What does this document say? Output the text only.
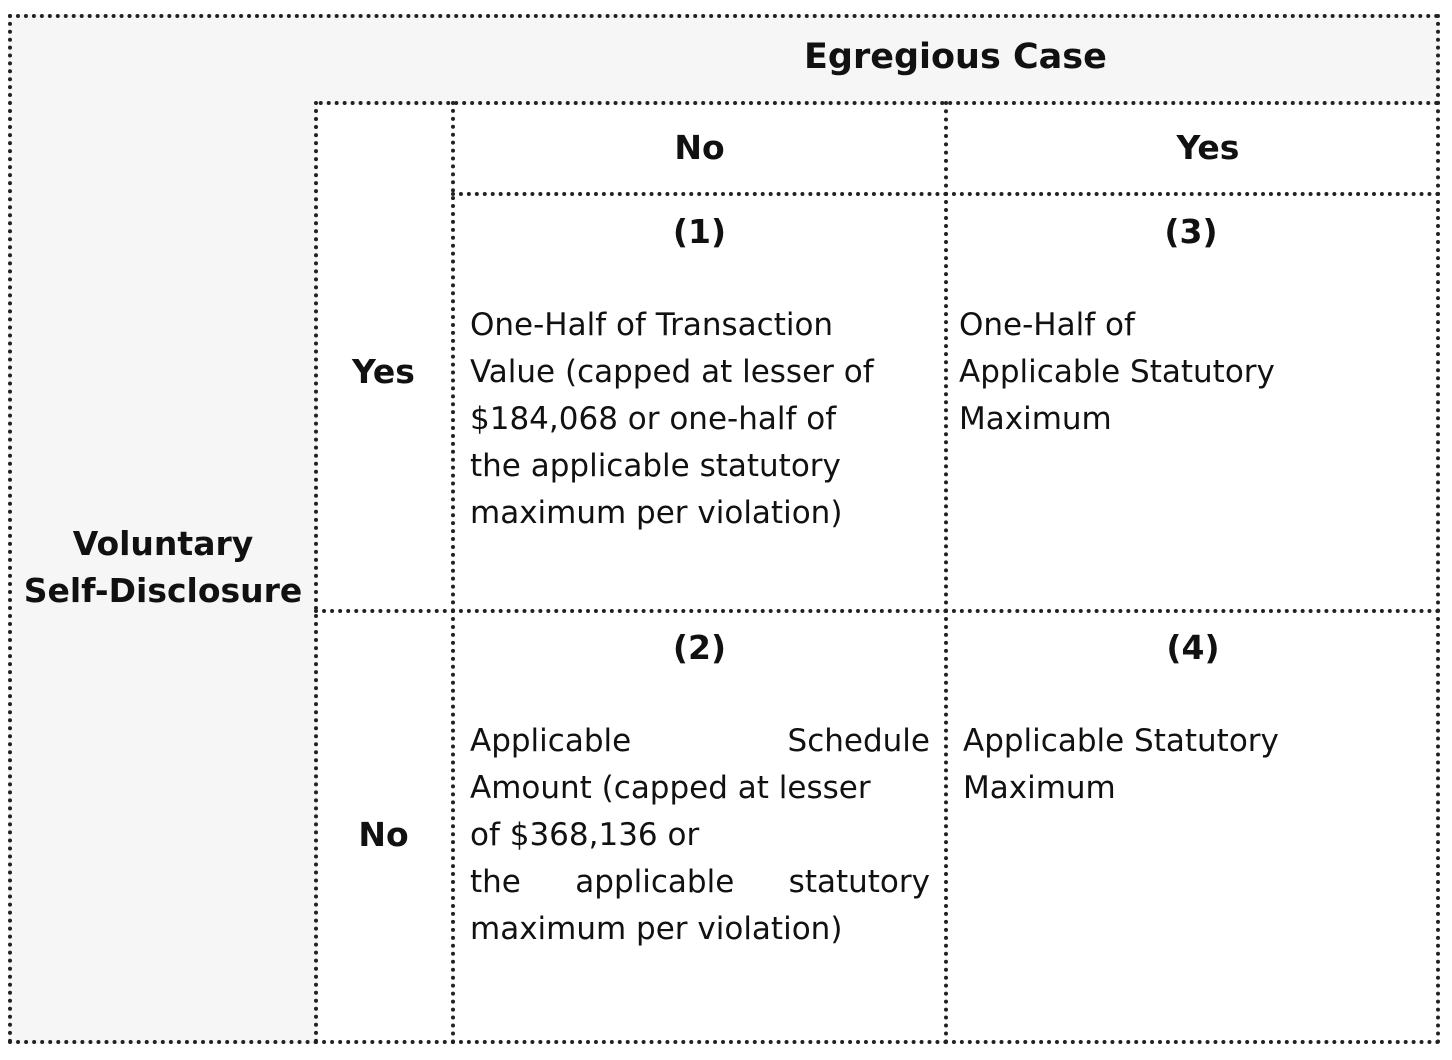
Egregious Case
Voluntary
Self-Disclosure
Yes
No
No	Yes
(1)
One-Half of Transaction
Value (capped at lesser of
$184,068 or one-half of
the applicable statutory
maximum per violation)
(3)
One-Half of
Applicable Statutory
Maximum
(2)
Applicable Schedule
Amount (capped at lesser
of $368,136 or
the applicable statutory
maximum per violation)
(4)
Applicable Statutory
Maximum
